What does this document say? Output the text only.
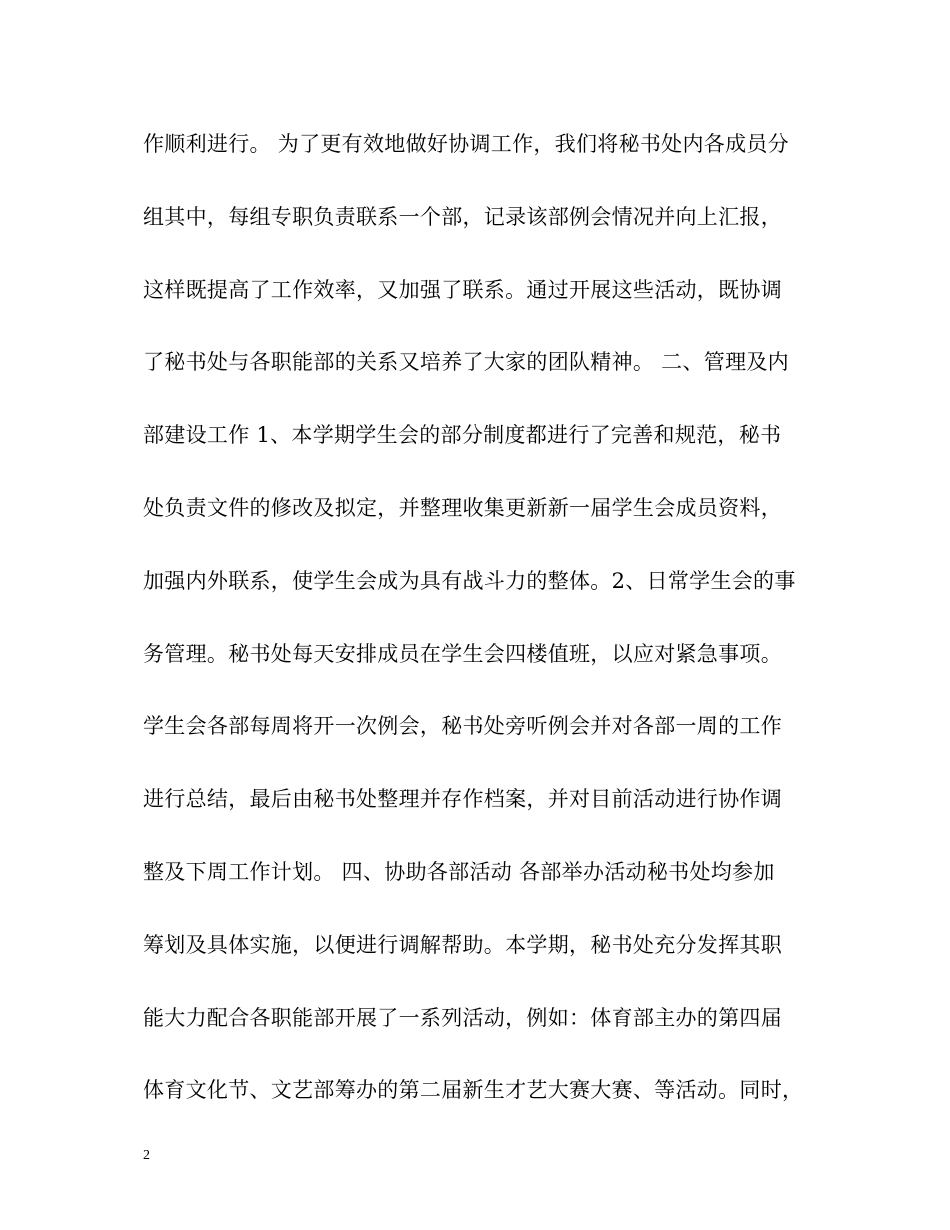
作顺利进行。 为了更有效地做好协调工作，我们将秘书处内各成员分
组其中，每组专职负责联系一个部，记录该部例会情况并向上汇报，
这样既提高了工作效率，又加强了联系。通过开展这些活动，既协调
了秘书处与各职能部的关系又培养了大家的团队精神。 二、管理及内
部建设工作 1、本学期学生会的部分制度都进行了完善和规范，秘书
处负责文件的修改及拟定，并整理收集更新新一届学生会成员资料，
加强内外联系，使学生会成为具有战斗力的整体。2、日常学生会的事
务管理。秘书处每天安排成员在学生会四楼值班，以应对紧急事项。
学生会各部每周将开一次例会，秘书处旁听例会并对各部一周的工作
进行总结，最后由秘书处整理并存作档案，并对目前活动进行协作调
整及下周工作计划。 四、协助各部活动 各部举办活动秘书处均参加
筹划及具体实施，以便进行调解帮助。本学期，秘书处充分发挥其职
能大力配合各职能部开展了一系列活动，例如：体育部主办的第四届
体育文化节、文艺部筹办的第二届新生才艺大赛大赛、等活动。同时，
2
